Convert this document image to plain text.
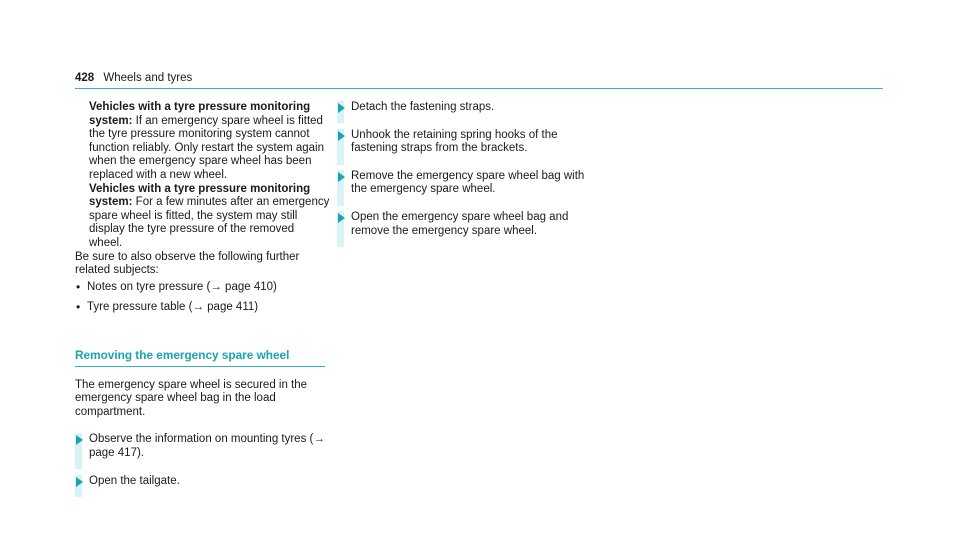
428 Wheels and tyres

Vehicles with a tyre pressure monitoring system: If an emergency spare wheel is fitted the tyre pressure monitoring system cannot function reliably. Only restart the system again when the emergency spare wheel has been replaced with a new wheel.

Vehicles with a tyre pressure monitoring system: For a few minutes after an emergency spare wheel is fitted, the system may still display the tyre pressure of the removed wheel.

Be sure to also observe the following further related subjects:

• Notes on tyre pressure (→ page 410)
• Tyre pressure table (→ page 411)
Removing the emergency spare wheel

The emergency spare wheel is secured in the emergency spare wheel bag in the load compartment.

Observe the information on mounting tyres (→ page 417).
Open the tailgate.
Detach the fastening straps.
Unhook the retaining spring hooks of the fastening straps from the brackets.
Remove the emergency spare wheel bag with the emergency spare wheel.
Open the emergency spare wheel bag and remove the emergency spare wheel.
